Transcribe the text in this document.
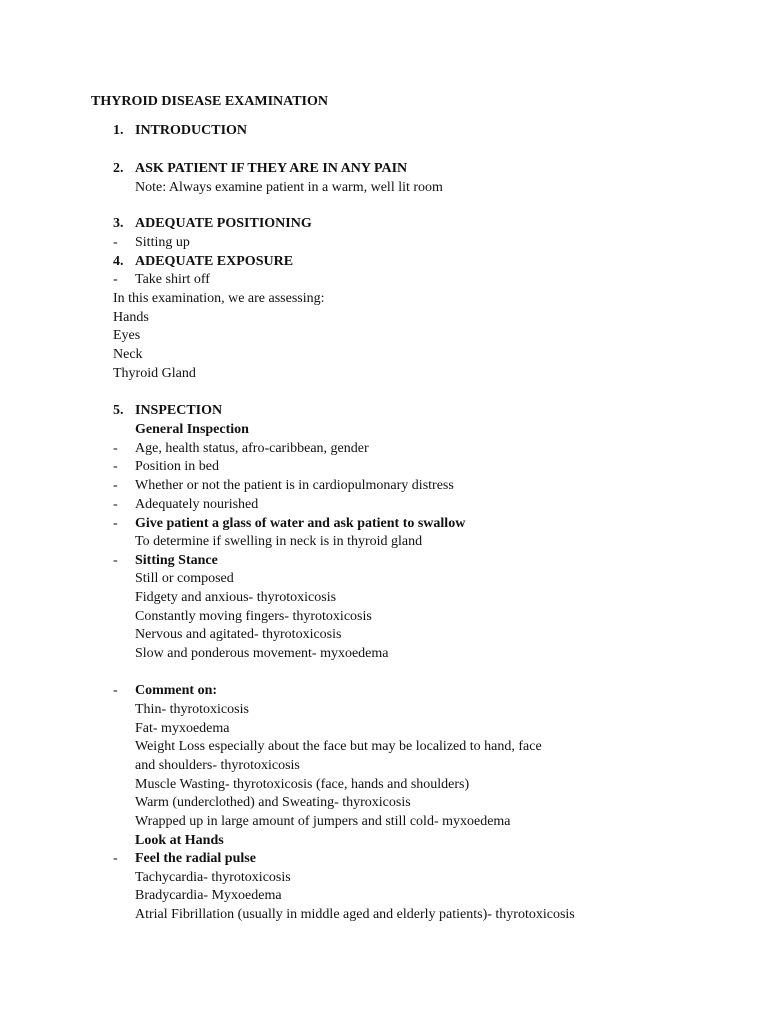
THYROID DISEASE EXAMINATION
1. INTRODUCTION
2. ASK PATIENT IF THEY ARE IN ANY PAIN
Note: Always examine patient in a warm, well lit room
3. ADEQUATE POSITIONING
- Sitting up
4. ADEQUATE EXPOSURE
- Take shirt off
In this examination, we are assessing:
Hands
Eyes
Neck
Thyroid Gland
5. INSPECTION
General Inspection
- Age, health status, afro-caribbean, gender
- Position in bed
- Whether or not the patient is in cardiopulmonary distress
- Adequately nourished
- Give patient a glass of water and ask patient to swallow
To determine if swelling in neck is in thyroid gland
- Sitting Stance
Still or composed
Fidgety and anxious- thyrotoxicosis
Constantly moving fingers- thyrotoxicosis
Nervous and agitated- thyrotoxicosis
Slow and ponderous movement- myxoedema
- Comment on:
Thin- thyrotoxicosis
Fat- myxoedema
Weight Loss especially about the face but may be localized to hand, face
and shoulders- thyrotoxicosis
Muscle Wasting- thyrotoxicosis (face, hands and shoulders)
Warm (underclothed) and Sweating- thyroxicosis
Wrapped up in large amount of jumpers and still cold- myxoedema
Look at Hands
- Feel the radial pulse
Tachycardia- thyrotoxicosis
Bradycardia- Myxoedema
Atrial Fibrillation (usually in middle aged and elderly patients)- thyrotoxicosis
